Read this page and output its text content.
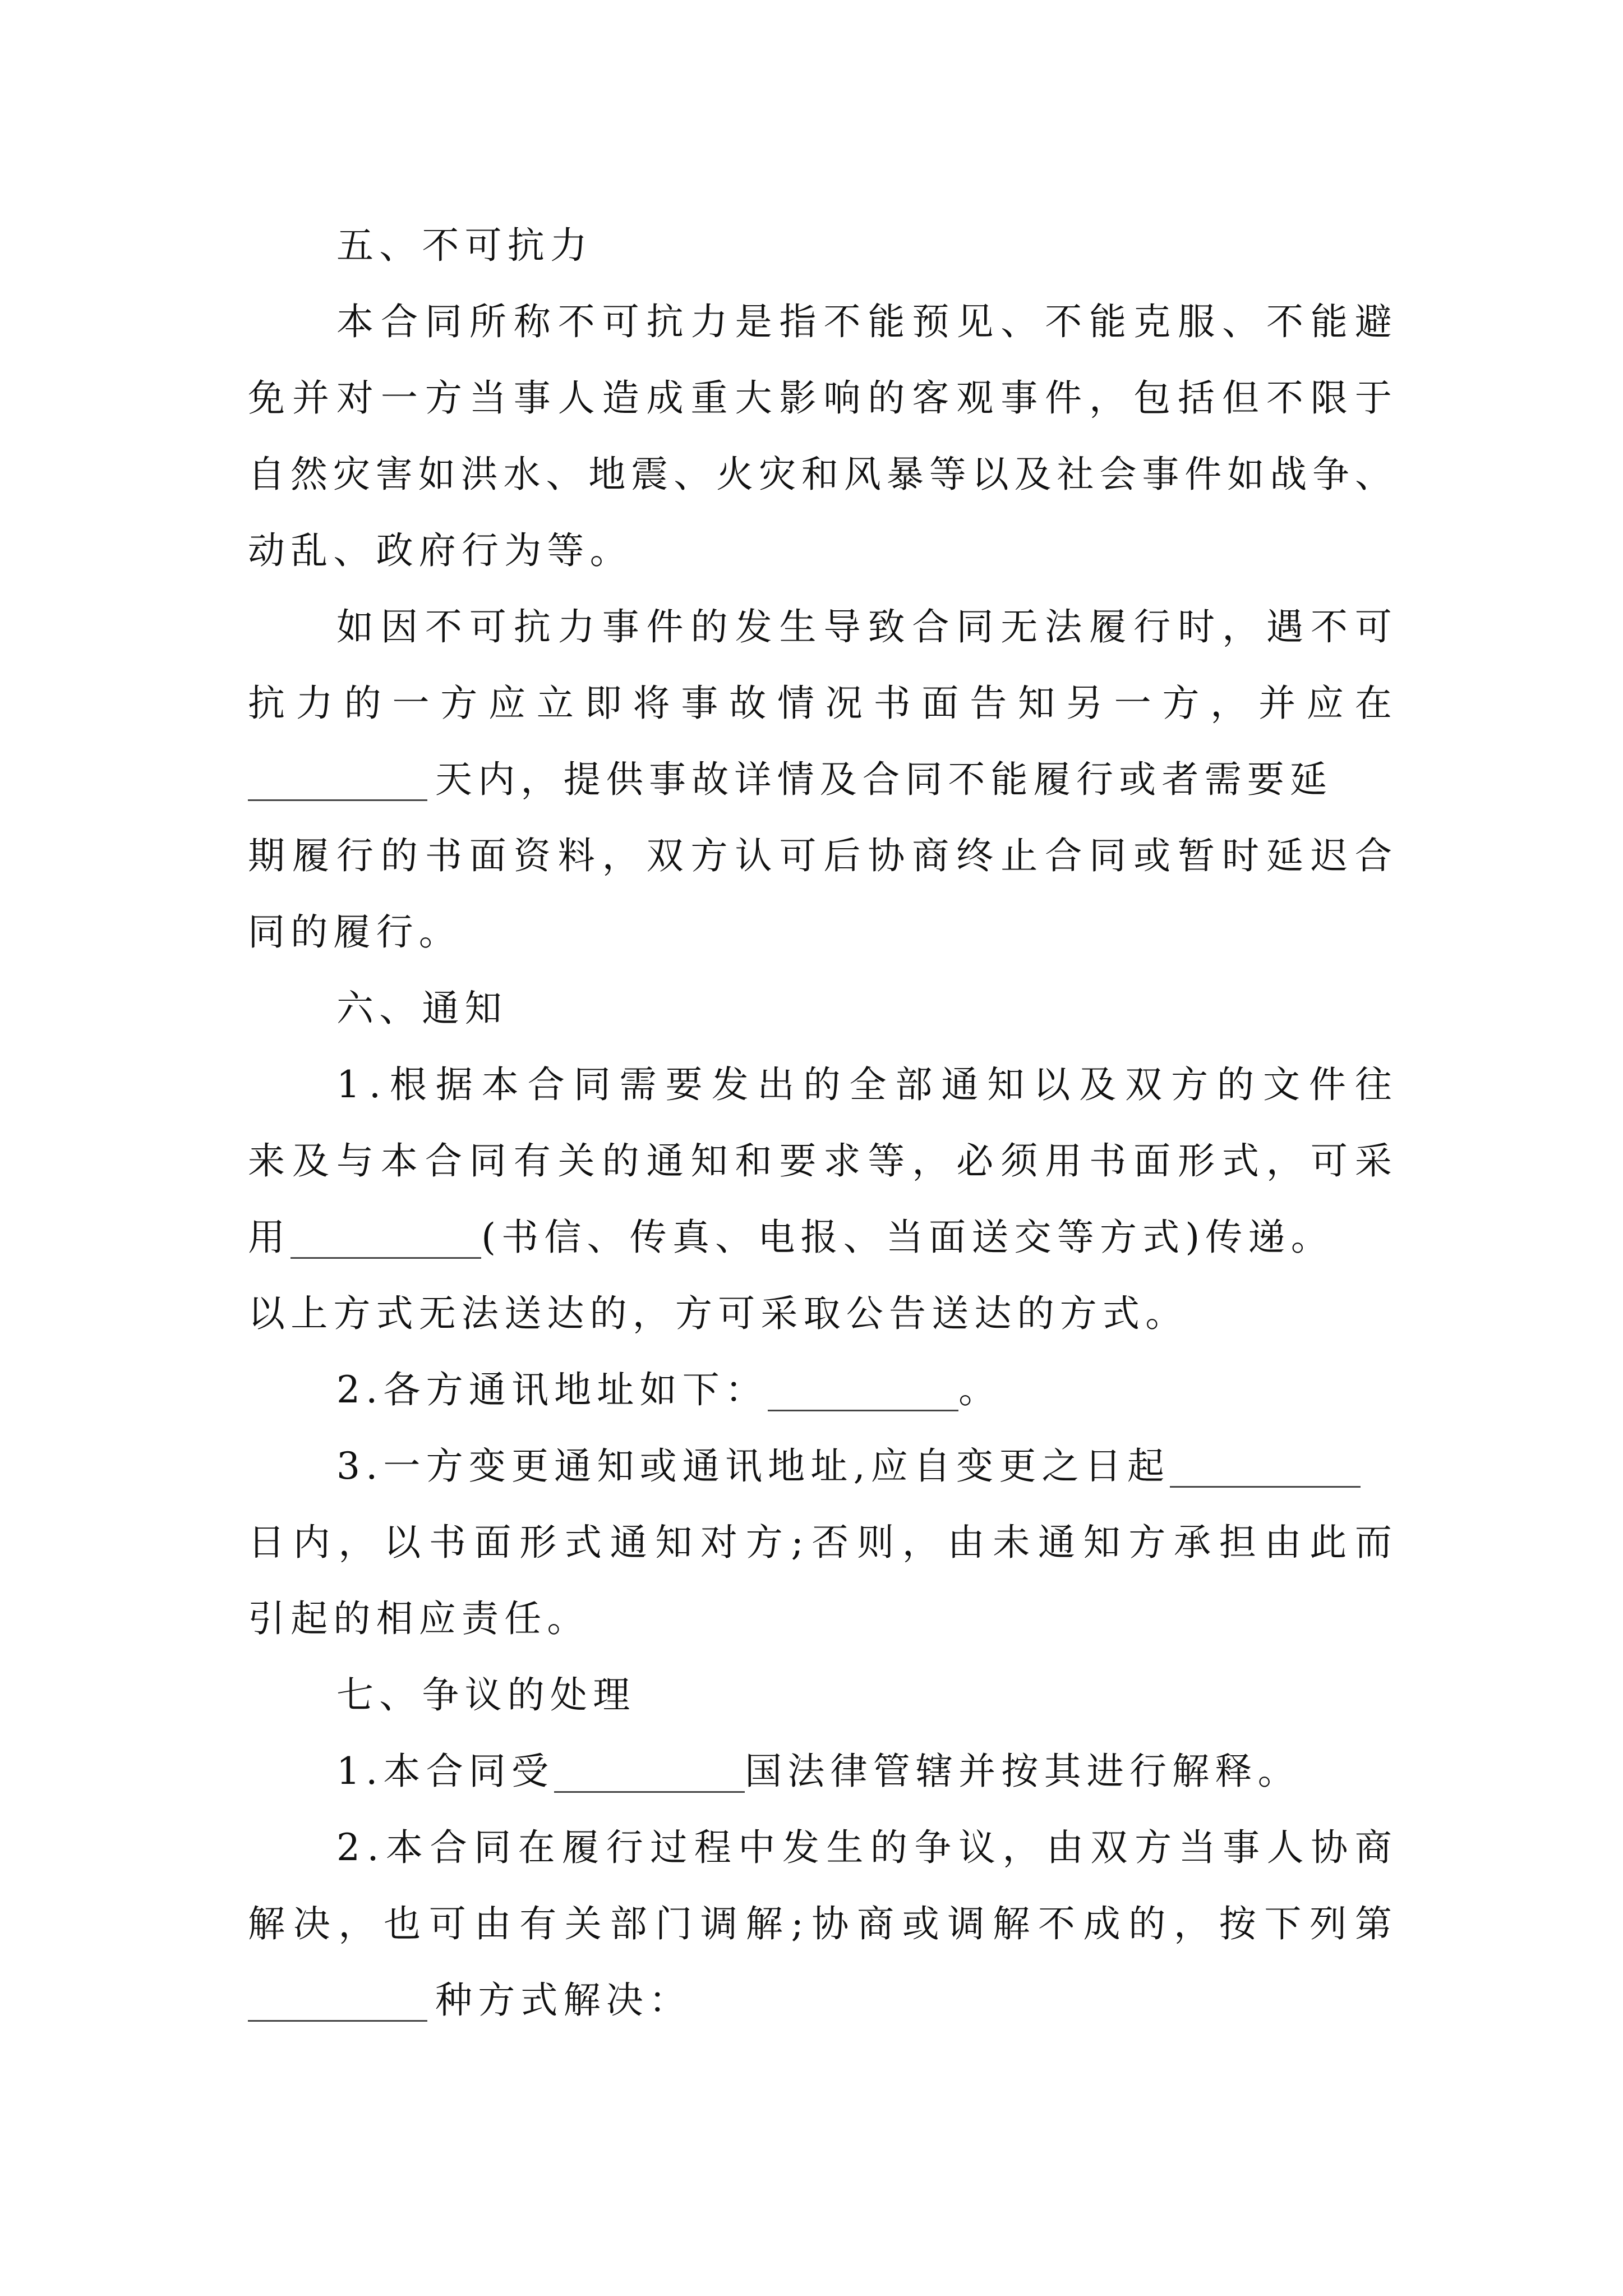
五、不可抗力
本 合 同 所 称 不 可 抗 力 是 指 不 能 预 见 、 不 能 克 服 、 不 能 避
免 并 对 一 方 当 事 人 造 成 重 大 影 响 的 客 观 事 件 ， 包 括 但 不 限 于
自 然 灾 害 如 洪 水 、 地 震 、 火 灾 和 风 暴 等 以 及 社 会 事 件 如 战 争 、
动乱、政府行为等。
如 因 不 可 抗 力 事 件 的 发 生 导 致 合 同 无 法 履 行 时 ， 遇 不 可
抗 力 的 一 方 应 立 即 将 事 故 情 况 书 面 告 知 另 一 方 ， 并 应 在
天内，提供事故详情及合同不能履行或者需要延
期 履 行 的 书 面 资 料 ， 双 方 认 可 后 协 商 终 止 合 同 或 暂 时 延 迟 合
同的履行。
六、通知
1 . 根 据 本 合 同 需 要 发 出 的 全 部 通 知 以 及 双 方 的 文 件 往
来 及 与 本 合 同 有 关 的 通 知 和 要 求 等 ， 必 须 用 书 面 形 式 ， 可 采
用	(书信、传真、电报、当面送交等方式)传递。
以上方式无法送达的，方可采取公告送达的方式。
2.各方通讯地址如下：	。
3.一方变更通知或通讯地址,应自变更之日起
日 内 ， 以 书 面 形 式 通 知 对 方 ; 否 则 ， 由 未 通 知 方 承 担 由 此 而
引起的相应责任。
七、争议的处理
1.本合同受	国法律管辖并按其进行解释。
2 . 本 合 同 在 履 行 过 程 中 发 生 的 争 议 ， 由 双 方 当 事 人 协 商
解 决 ， 也 可 由 有 关 部 门 调 解 ; 协 商 或 调 解 不 成 的 ， 按 下 列 第
种方式解决：
